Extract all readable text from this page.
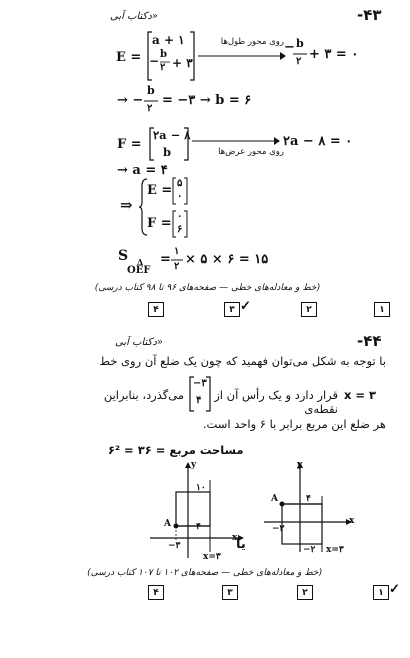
-۴۳
دکتاب آبی»
E =
a + ۱
− b
۲ + ۳
روی محور طول‌ها − b
۲ + ۳ = ۰
→ −
b
۲
= −۳ → b = ۶
F =
۲a − ۸
b	روی محور عرض‌ها
۲a − ۸ = ۰
→ a = ۴
⇒
E = ۵
۰
F = ۰
۶
S Δ
OEF
=
۱
۲ × ۵ × ۶ = ۱۵
(خط و معادله‌های خطی — صفحه‌های ۹۶ تا ۹۸ کتاب درسی)
۴	۳ ✓	۲	۱
-۴۴
دکتاب آبی»
با توجه به شکل می‌توان فهمید که چون یک ضلع آن روی خط
x = ۳
قرار دارد و یک رأس آن از نقطه‌ی
−۳
۴
می‌گذرد، بنابراین
هر ضلع این مربع برابر با ۶ واحد است.
۶² = ۳۶ = مساحت مربع
y
x
A
۱۰
۴
−۳
x=۳
یا
y
x
A	۴
−۳
−۲ x=۳
(خط و معادله‌های خطی — صفحه‌های ۱۰۲ تا ۱۰۷ کتاب درسی)
۴	۳	۲	۱ ✓
